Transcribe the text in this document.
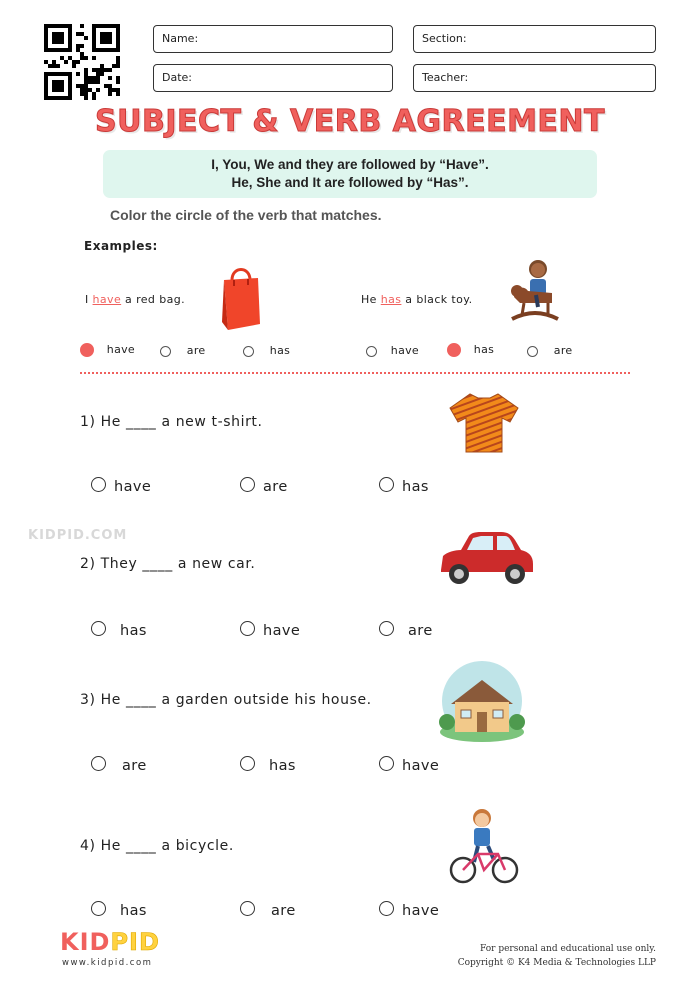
Name:	Section:
Date:	Teacher:
SUBJECT & VERB AGREEMENT
I, You, We and they are followed by “Have”.
He, She and It are followed by “Has”.
Color the circle of the verb that matches.
Examples:
I have a red bag.	He has a black toy.
have	are	has	have	has	are
1) He ____ a new t-shirt.
have	are	has
KIDPID.COM
2) They ____ a new car.
has	have	are
3) He ____ a garden outside his house.
are	has	have
4) He ____ a bicycle.
has	are	have
KIDPID
www.kidpid.com
For personal and educational use only.
Copyright © K4 Media & Technologies LLP
